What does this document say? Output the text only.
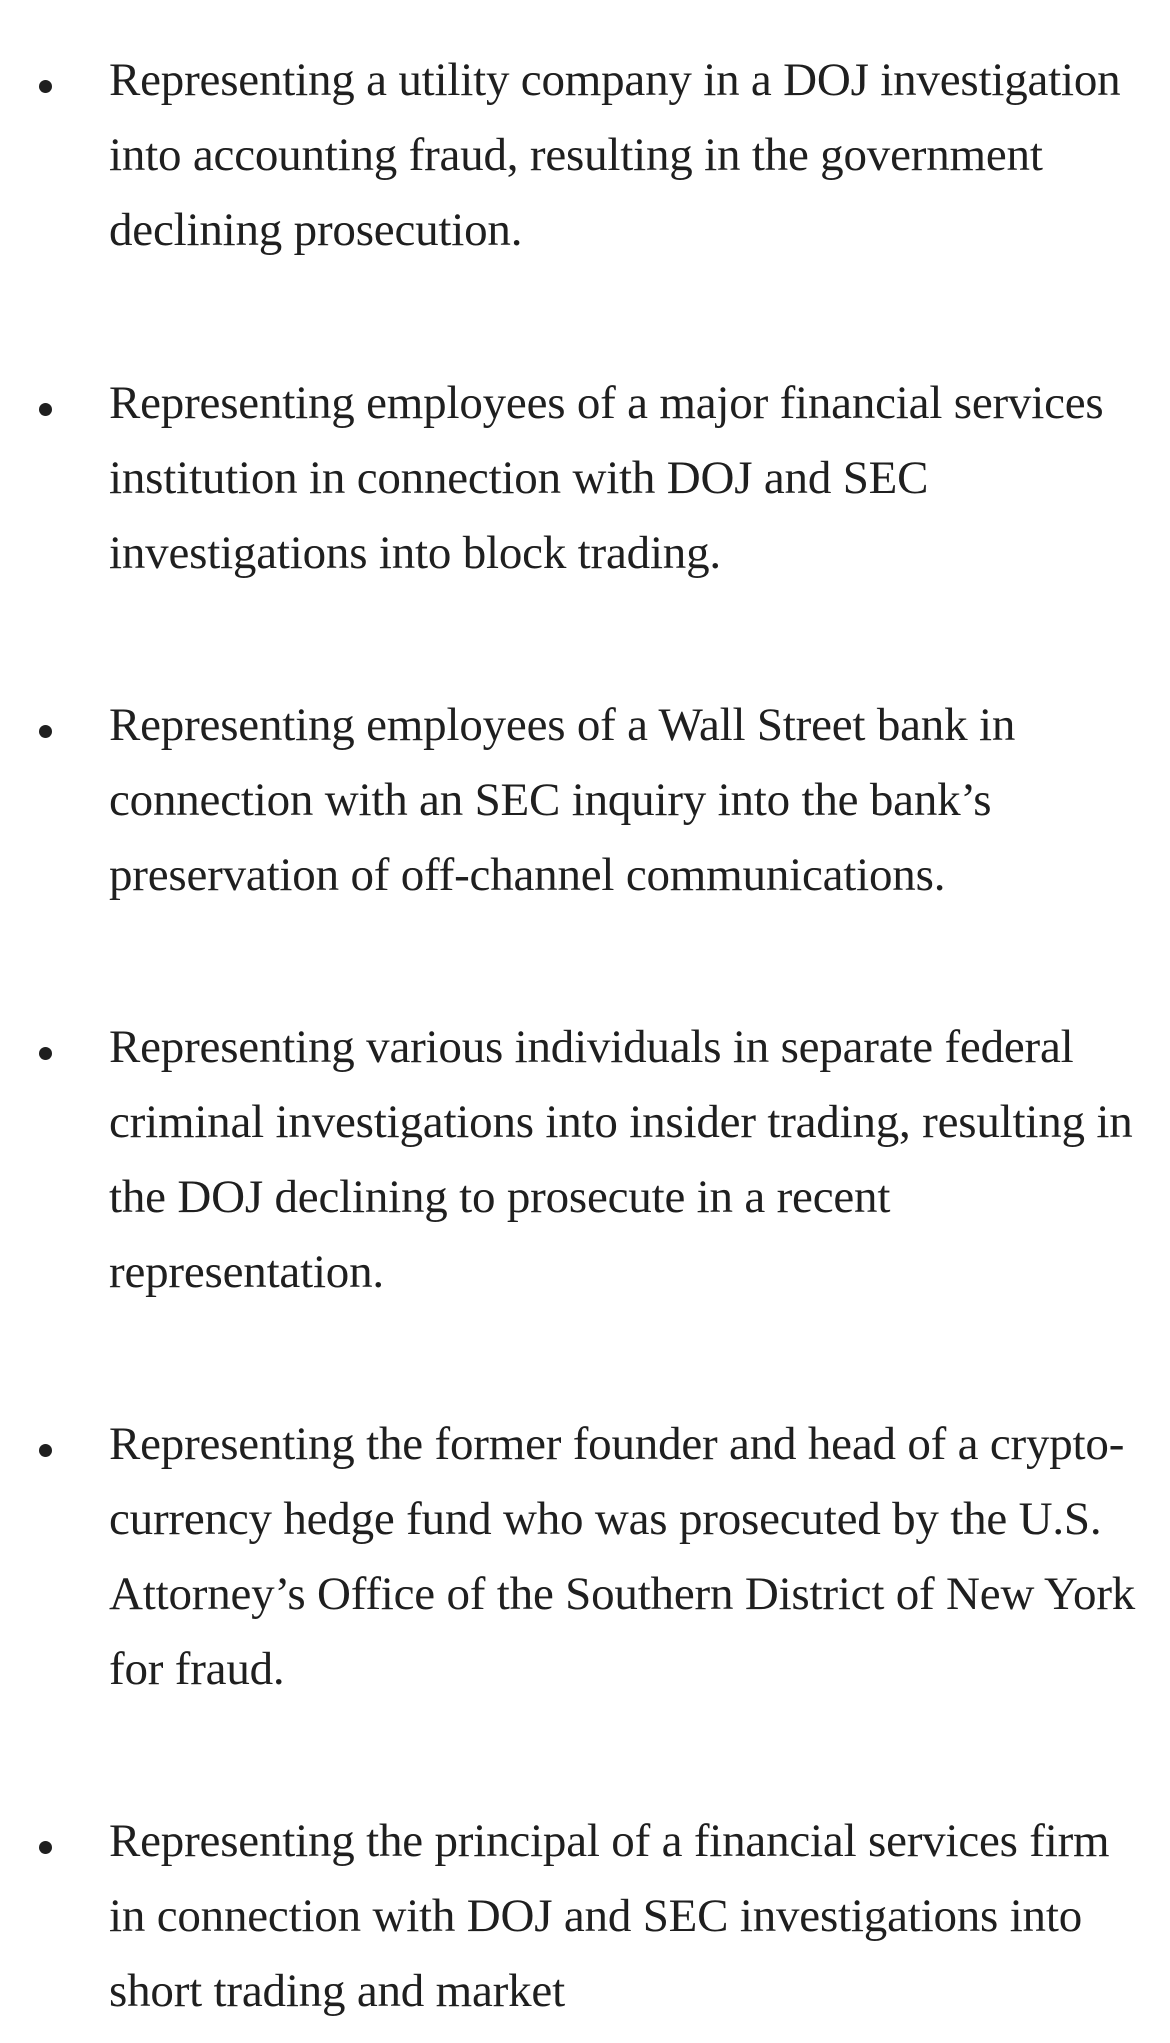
Representing a utility company in a DOJ investigation into accounting fraud, resulting in the government declining prosecution.

Representing employees of a major financial services institution in connection with DOJ and SEC investigations into block trading.

Representing employees of a Wall Street bank in connection with an SEC inquiry into the bank’s preservation of off-channel communications.

Representing various individuals in separate federal criminal investigations into insider trading, resulting in the DOJ declining to prosecute in a recent representation.

Representing the former founder and head of a crypto-currency hedge fund who was prosecuted by the U.S. Attorney’s Office of the Southern District of New York for fraud.

Representing the principal of a financial services firm in connection with DOJ and SEC investigations into short trading and market
